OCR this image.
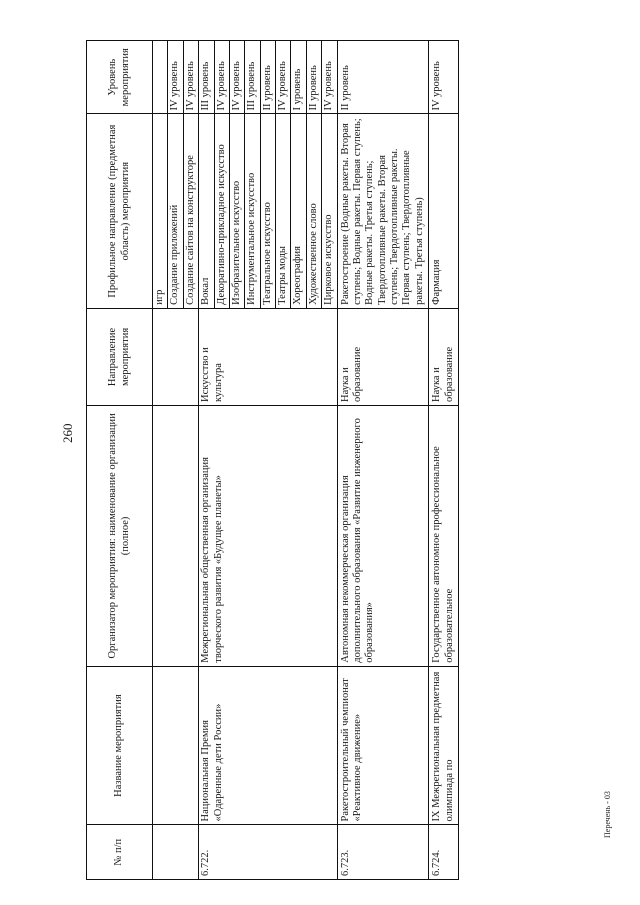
260
№ п/п	Название мероприятия	Организатор мероприятия: наименование организации (полное)	Направление мероприятия	Профильное направление (предметная область) мероприятия	Уровень мероприятия
				игр	
				Создание приложений	IV уровень
				Создание сайтов на конструкторе	IV уровень
6.722.	Национальная Премия «Одаренные дети России»	Межрегиональная общественная организация творческого развития «Будущее планеты»	Искусство и культура	Вокал	III уровень
				Декоративно-прикладное искусство	IV уровень
				Изобразительное искусство	IV уровень
				Инструментальное искусство	III уровень
				Театральное искусство	II уровень
				Театры моды	IV уровень
				Хореография	I уровень
				Художественное слово	II уровень
				Цирковое искусство	IV уровень
6.723.	Ракетостроительный чемпионат «Реактивное движение»	Автономная некоммерческая организация дополнительного образования «Развитие инженерного образования»	Наука и образование	Ракетостроение (Водные ракеты. Вторая ступень; Водные ракеты. Первая ступень; Водные ракеты. Третья ступень; Твердотопливные ракеты. Вторая ступень; Твердотопливные ракеты. Первая ступень; Твердотопливные ракеты. Третья ступень)	II уровень
6.724.	IX Межрегиональная предметная олимпиада по	Государственное автономное профессиональное образовательное	Наука и образование	Фармация	IV уровень
Перечень - 03
